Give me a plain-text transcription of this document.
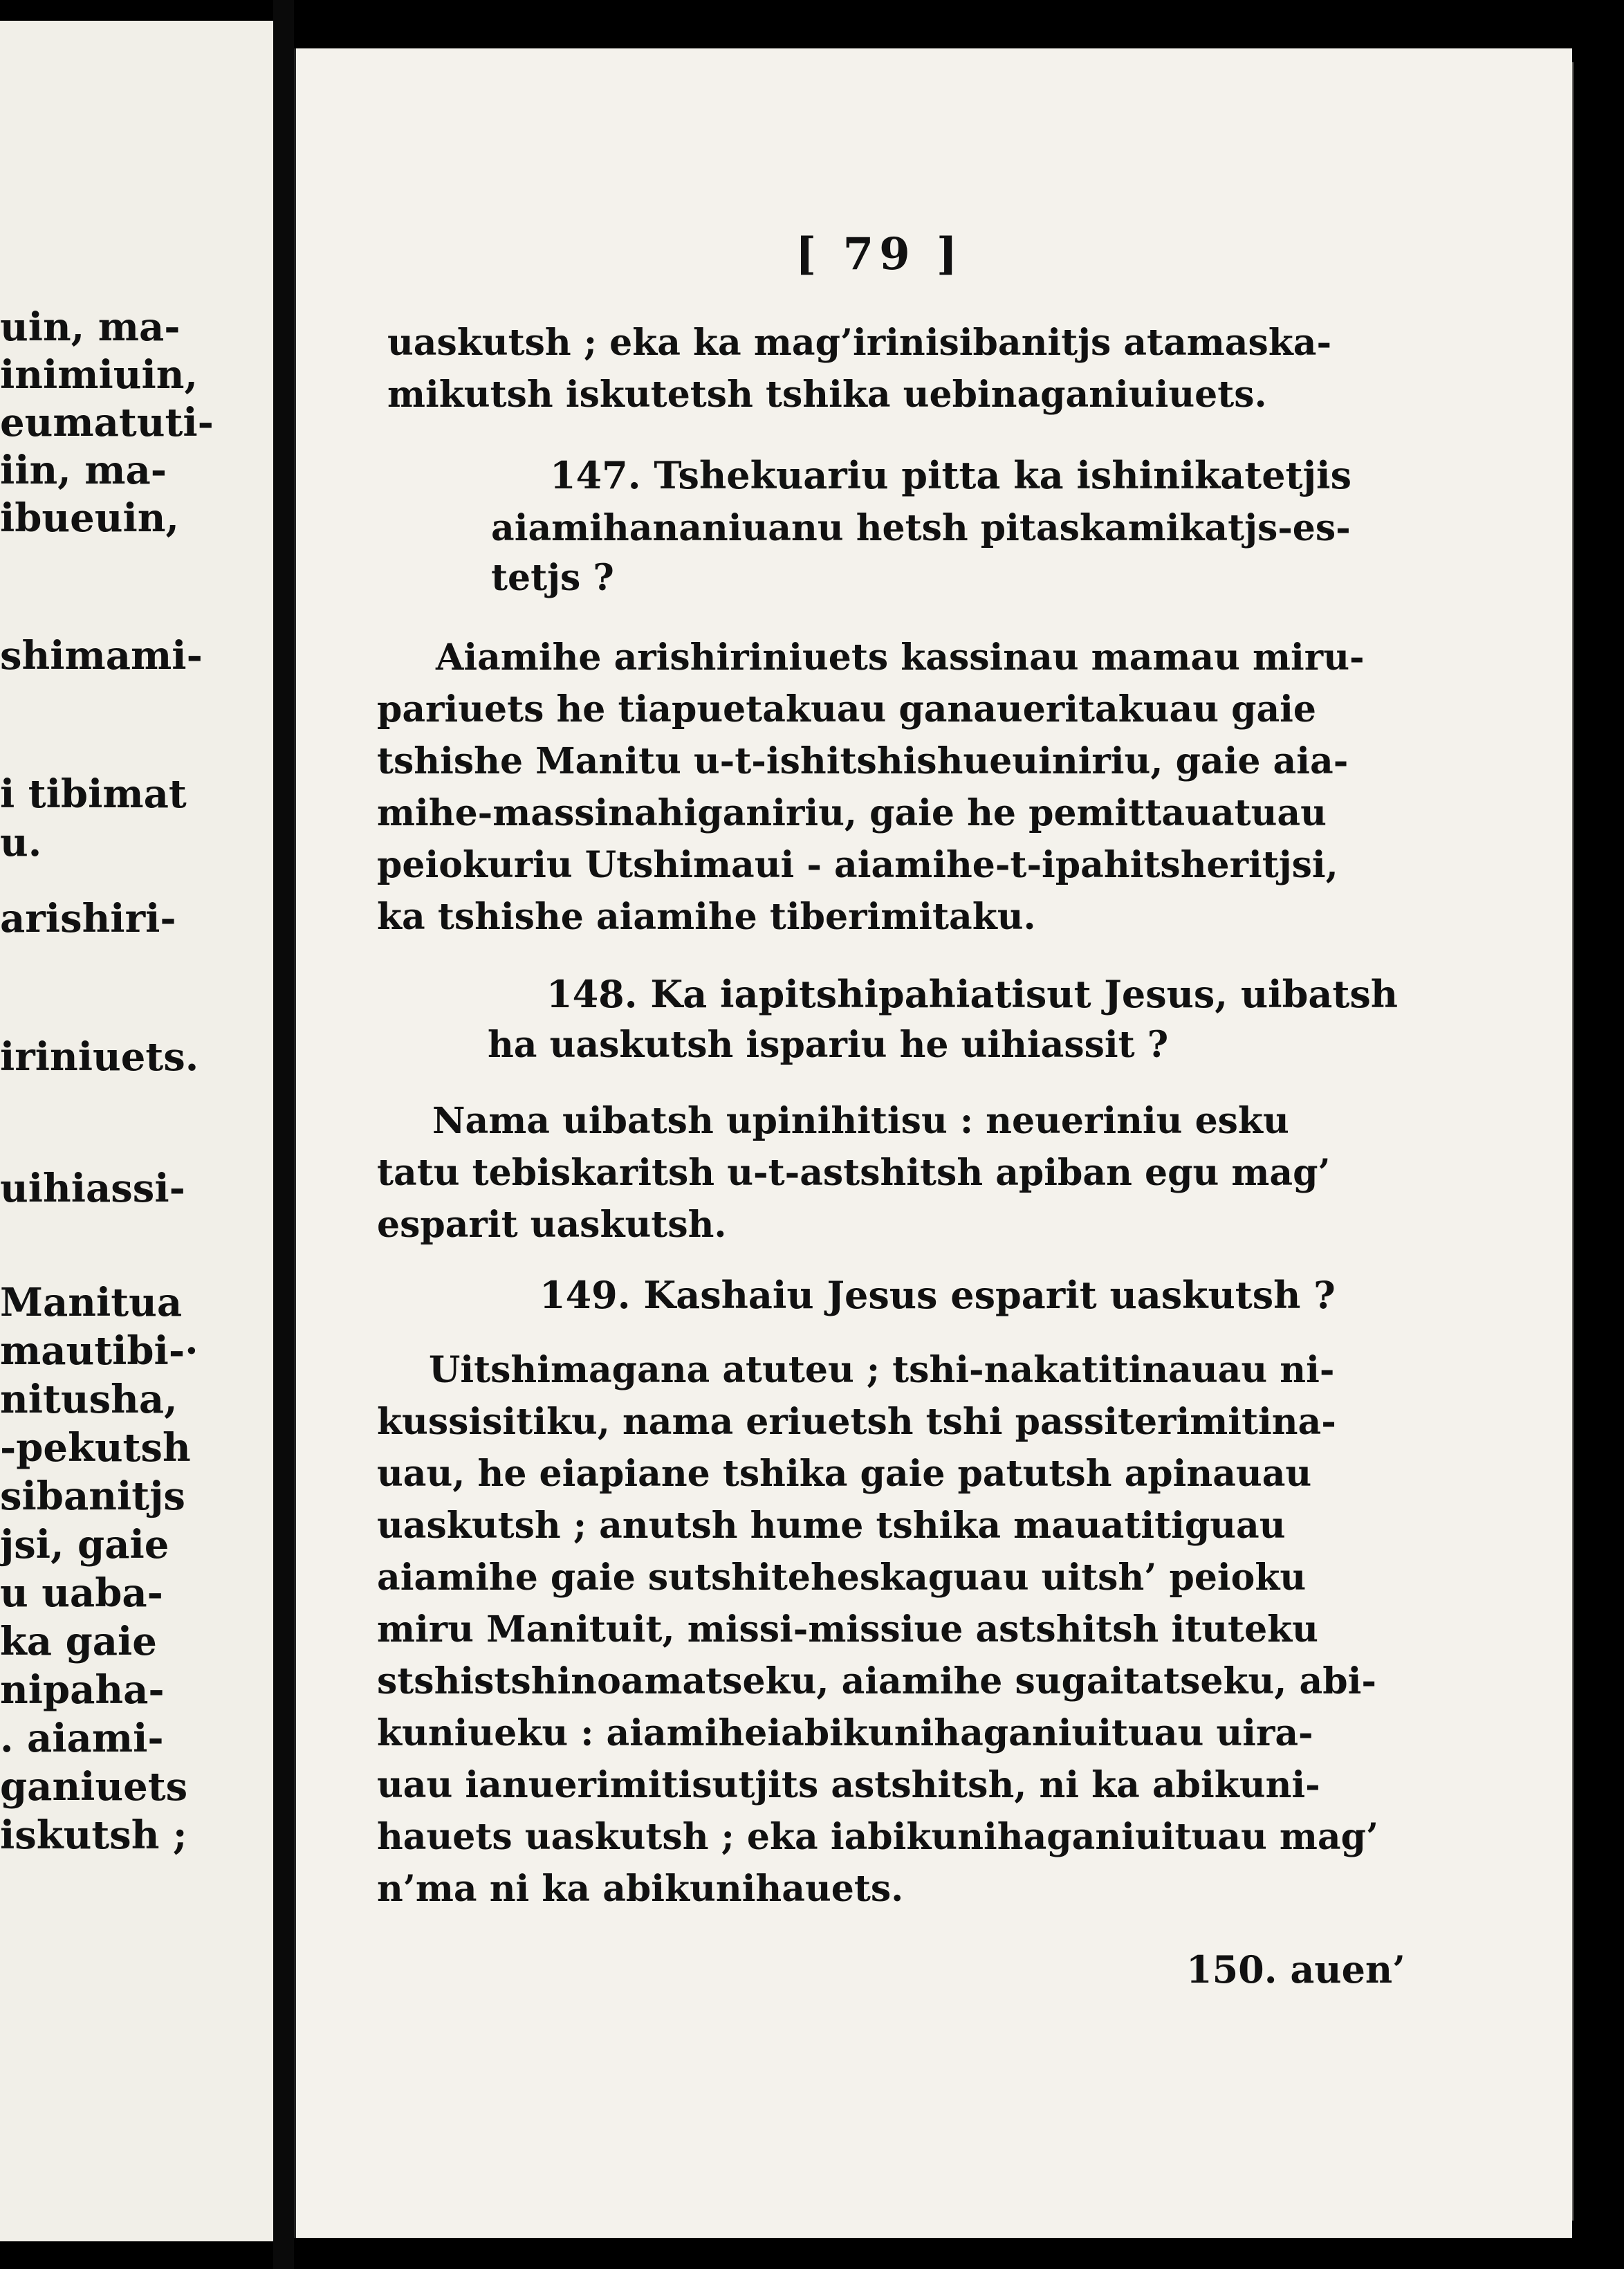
uin, ma-
inimiuin,
eumatuti-
iin, ma-
ibueuin,
shimami-
i tibimat
u.
arishiri-
iriniuets.
uihiassi-
Manitua
mautibi-·
nitusha,
-pekutsh
sibanitjs
jsi, gaie
u uaba-
ka gaie
nipaha-
. aiami-
ganiuets
iskutsh ;
[ 79 ]
uaskutsh ; eka ka mag’irinisibanitjs atamaska-
mikutsh iskutetsh tshika uebinaganiuiuets.
147. Tshekuariu pitta ka ishinikatetjis
aiamihananiuanu hetsh pitaskamikatjs-es-
tetjs ?
Aiamihe arishiriniuets kassinau mamau miru-
pariuets he tiapuetakuau ganaueritakuau gaie
tshishe Manitu u-t-ishitshishueuiniriu, gaie aia-
mihe-massinahiganiriu, gaie he pemittauatuau
peiokuriu Utshimaui - aiamihe-t-ipahitsheritjsi,
ka tshishe aiamihe tiberimitaku.
148. Ka iapitshipahiatisut Jesus, uibatsh
ha uaskutsh ispariu he uihiassit ?
Nama uibatsh upinihitisu : neueriniu esku
tatu tebiskaritsh u-t-astshitsh apiban egu mag’
esparit uaskutsh.
149. Kashaiu Jesus esparit uaskutsh ?
Uitshimagana atuteu ; tshi-nakatitinauau ni-
kussisitiku, nama eriuetsh tshi passiterimitina-
uau, he eiapiane tshika gaie patutsh apinauau
uaskutsh ; anutsh hume tshika mauatitiguau
aiamihe gaie sutshiteheskaguau uitsh’ peioku
miru Manituit, missi-missiue astshitsh ituteku
stshistshinoamatseku, aiamihe sugaitatseku, abi-
kuniueku : aiamiheiabikunihaganiuituau uira-
uau ianuerimitisutjits astshitsh, ni ka abikuni-
hauets uaskutsh ; eka iabikunihaganiuituau mag’
n’ma ni ka abikunihauets.
150. auen’
